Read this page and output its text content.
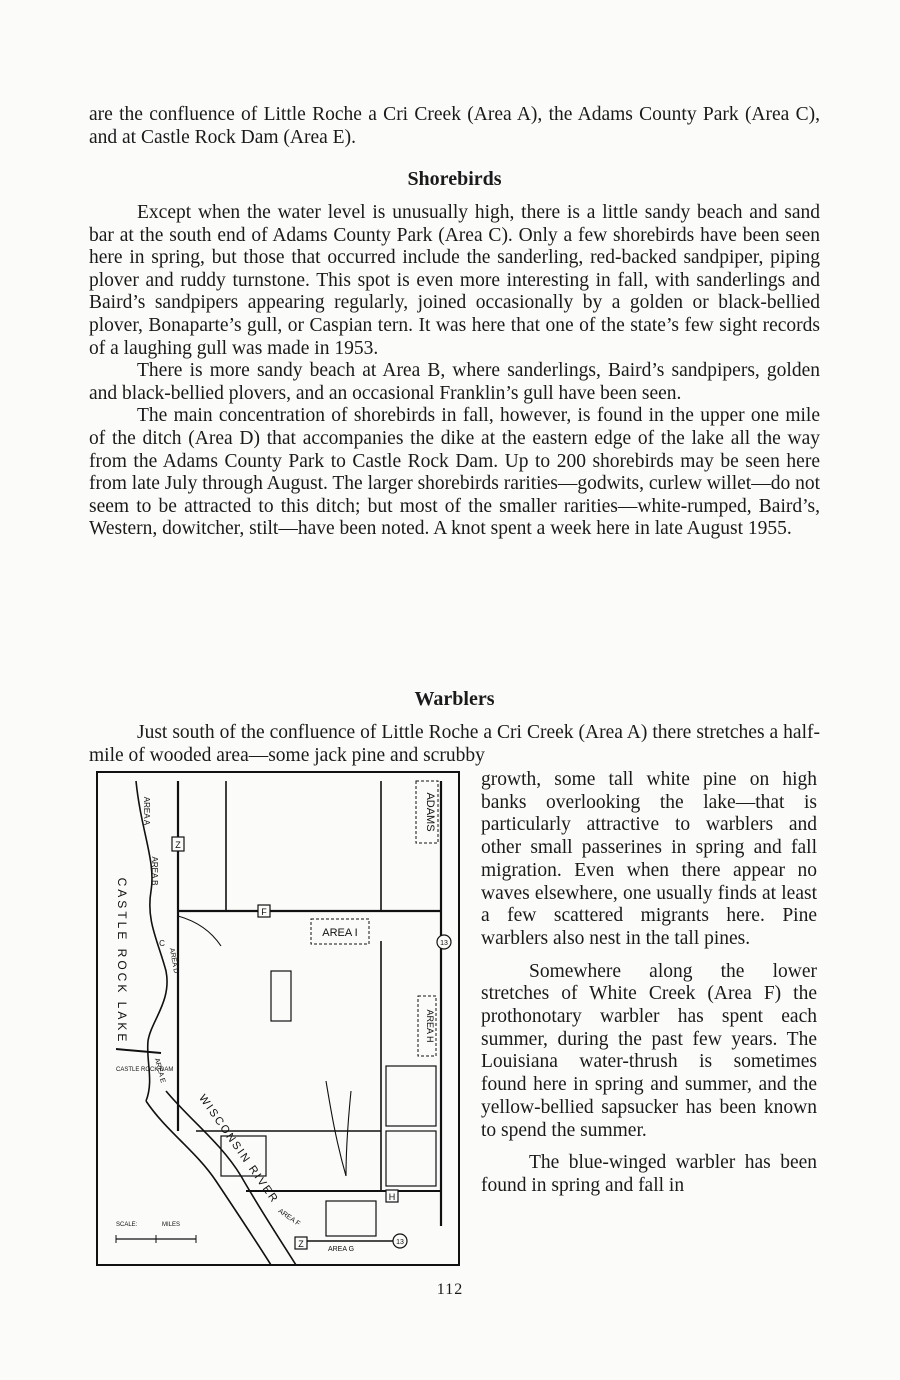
are the confluence of Little Roche a Cri Creek (Area A), the Adams County Park (Area C), and at Castle Rock Dam (Area E).

Shorebirds

Except when the water level is unusually high, there is a little sandy beach and sand bar at the south end of Adams County Park (Area C). Only a few shorebirds have been seen here in spring, but those that occurred include the sanderling, red-backed sandpiper, piping plover and ruddy turnstone. This spot is even more interesting in fall, with sanderlings and Baird’s sandpipers appearing regularly, joined occasionally by a golden or black-bellied plover, Bonaparte’s gull, or Caspian tern. It was here that one of the state’s few sight records of a laughing gull was made in 1953.

There is more sandy beach at Area B, where sanderlings, Baird’s sandpipers, golden and black-bellied plovers, and an occasional Franklin’s gull have been seen.

The main concentration of shorebirds in fall, however, is found in the upper one mile of the ditch (Area D) that accompanies the dike at the eastern edge of the lake all the way from the Adams County Park to Castle Rock Dam. Up to 200 shorebirds may be seen here from late July through August. The larger shorebirds rarities—godwits, curlew willet—do not seem to be attracted to this ditch; but most of the smaller rarities—white-rumped, Baird’s, Western, dowitcher, stilt—have been noted. A knot spent a week here in late August 1955.

Warblers

Just south of the confluence of Little Roche a Cri Creek (Area A) there stretches a half-mile of wooded area—some jack pine and scrubby

growth, some tall white pine on high banks overlooking the lake—that is particularly attractive to warblers and other small passerines in spring and fall migration. Even when there appear no waves elsewhere, one usually finds at least a few scattered migrants here. Pine warblers also nest in the tall pines.

Somewhere along the lower stretches of White Creek (Area F) the prothonotary warbler has spent each summer, during the past few years. The Louisiana water-thrush is sometimes found here in spring and summer, and the yellow-bellied sapsucker has been known to spend the summer.

The blue-winged warbler has been found in spring and fall in

AREA I
AREA H
ADAMS
CASTLE ROCK LAKE
WISCONSIN RIVER
AREA A
AREA B
C
AREA D
AREA E
AREA F
AREA G
CASTLE ROCK DAM
Z
F
13
H
13
Z
SCALE:	MILES
112
